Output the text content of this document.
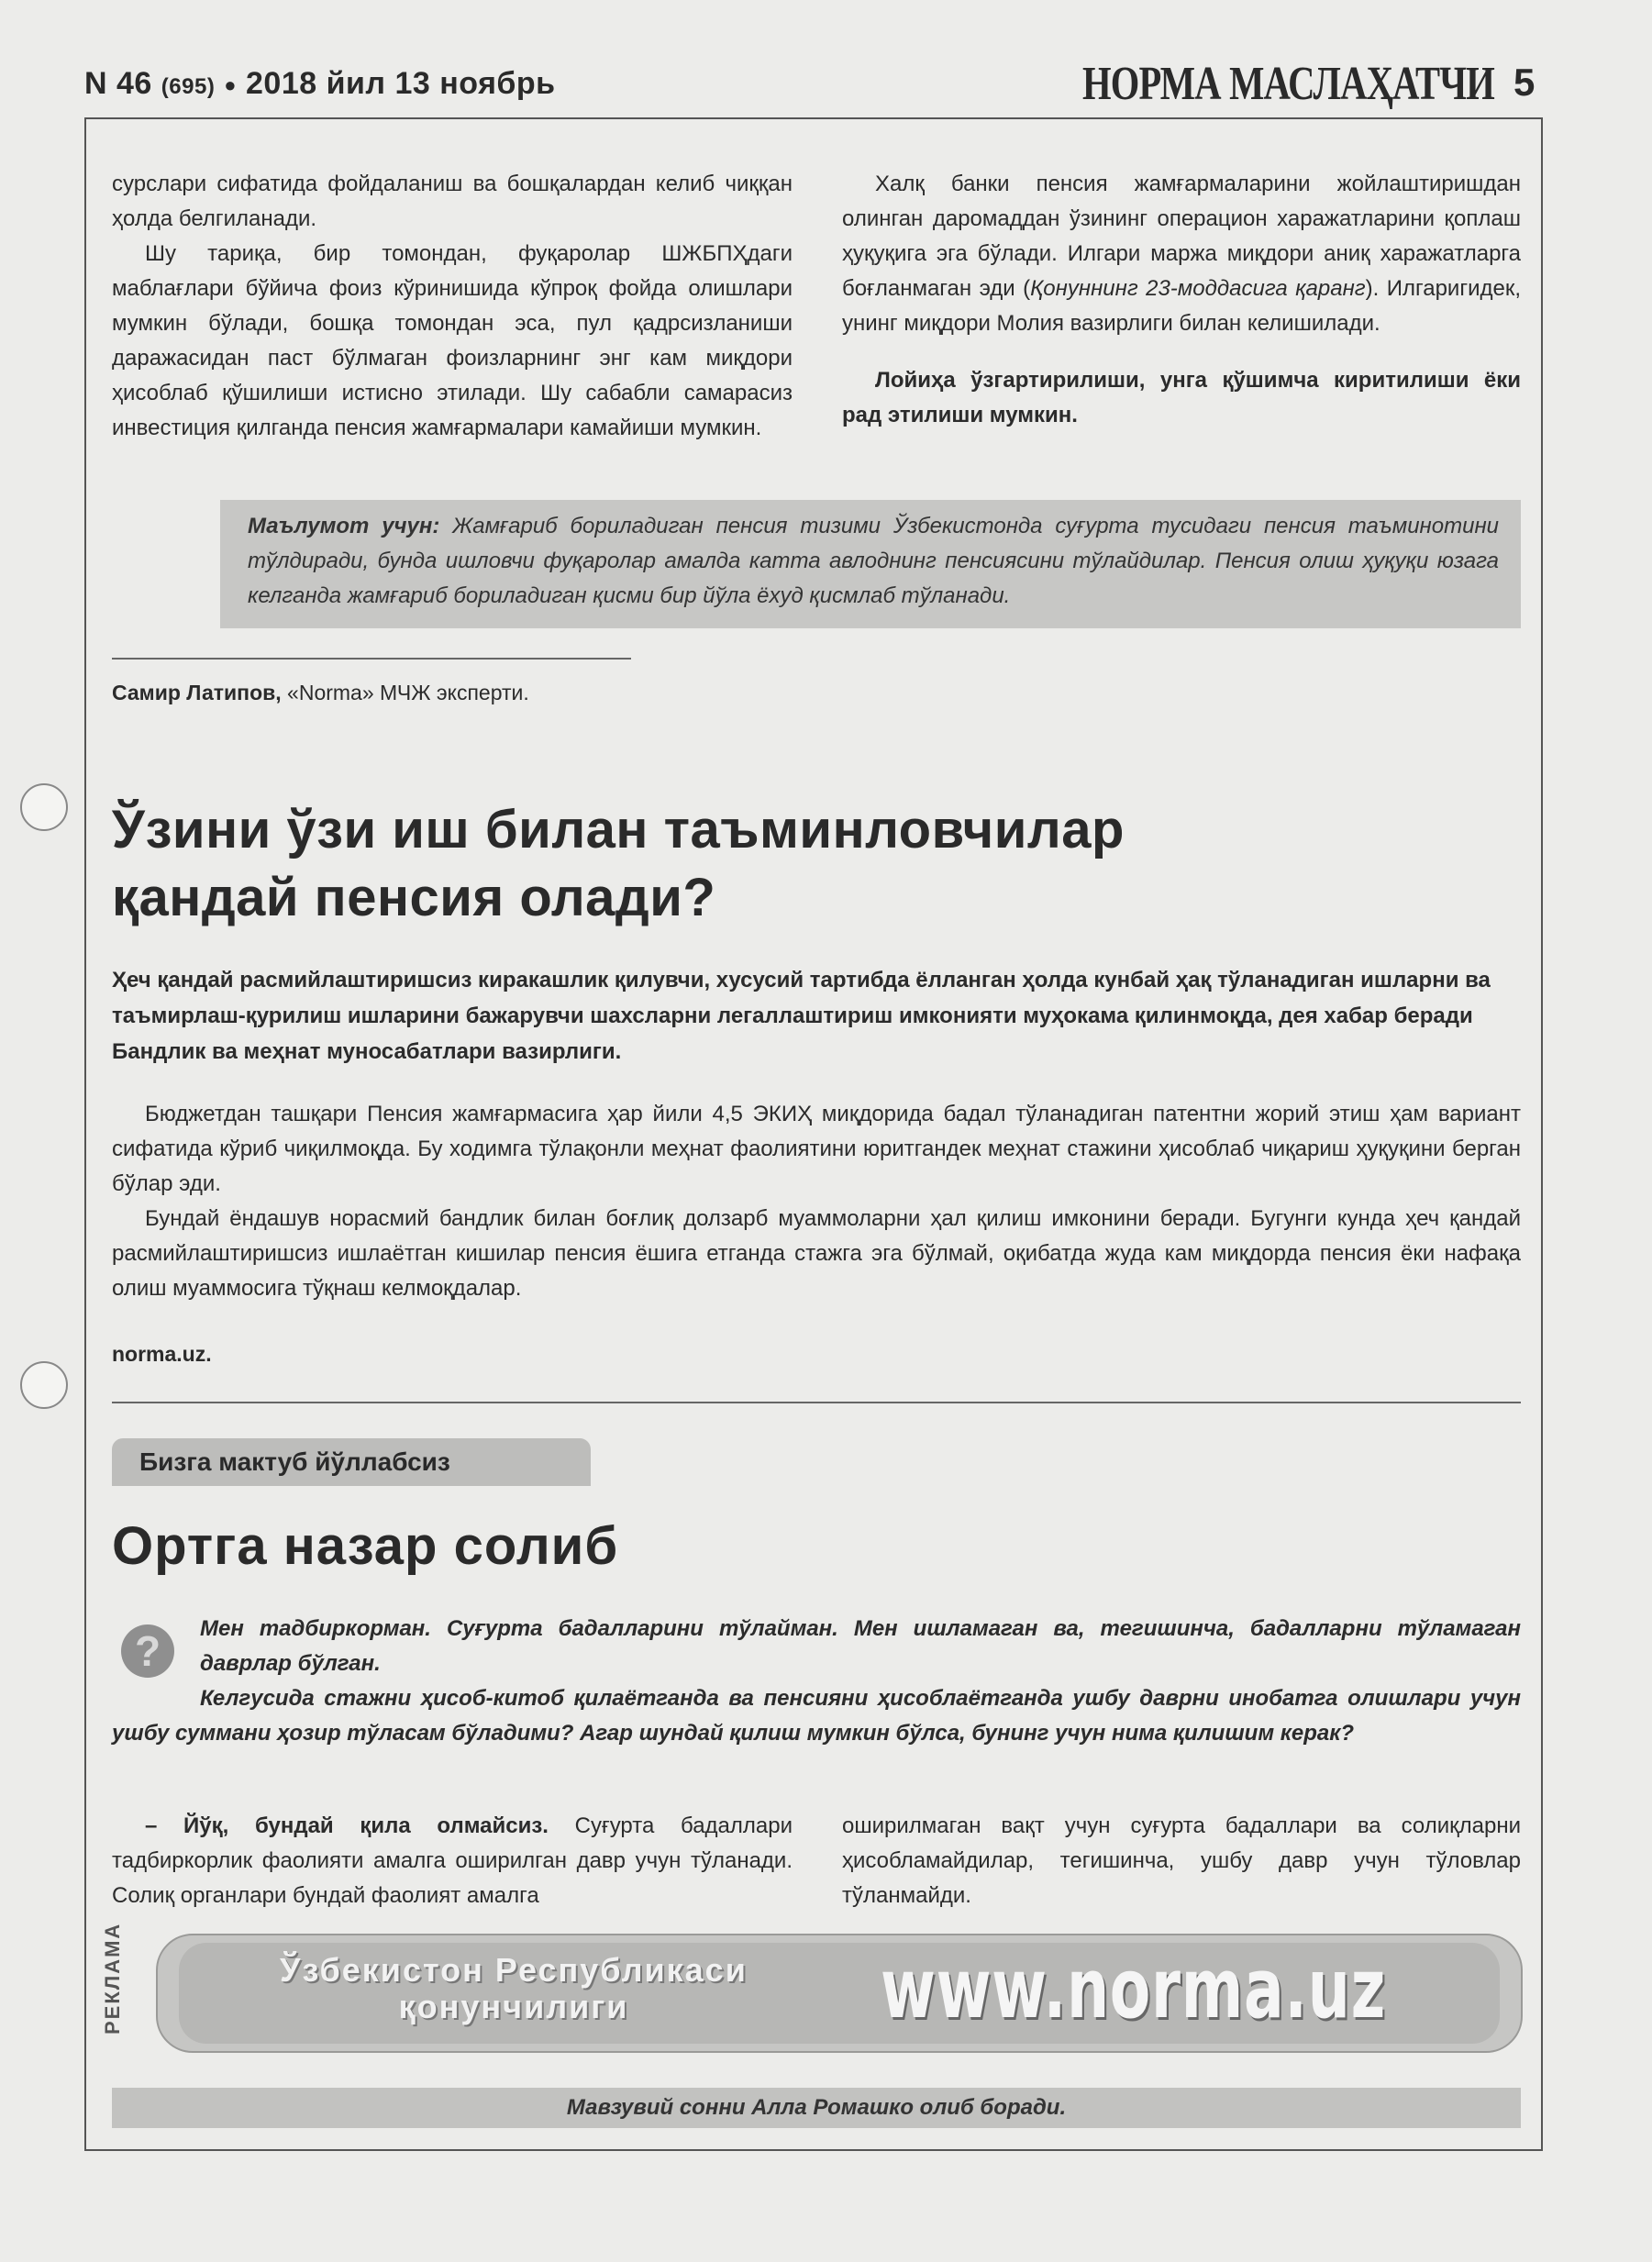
N 46 (695) ● 2018 йил 13 ноябрь	НОРМА МАСЛАҲАТЧИ 5

сурслари сифатида фойдаланиш ва бошқалардан келиб чиққан ҳолда белгиланади.

Шу тариқа, бир томондан, фуқаролар ШЖБПҲдаги маблағлари бўйича фоиз кўринишида кўпроқ фойда олишлари мумкин бўлади, бошқа томондан эса, пул қадрсизланиши даражасидан паст бўлмаган фоизларнинг энг кам миқдори ҳисоблаб қўшилиши истисно этилади. Шу сабабли самарасиз инвестиция қилганда пенсия жамғармалари камайиши мумкин.

Халқ банки пенсия жамғармаларини жойлаштиришдан олинган даромаддан ўзининг операцион харажатларини қоплаш ҳуқуқига эга бўлади. Илгари маржа миқдори аниқ харажатларга боғланмаган эди (Қонуннинг 23-моддасига қаранг). Илгаригидек, унинг миқдори Молия вазирлиги билан келишилади.

Лойиҳа ўзгартирилиши, унга қўшимча киритилиши ёки рад этилиши мумкин.

Маълумот учун: Жамғариб бориладиган пенсия тизими Ўзбекистонда суғурта тусидаги пенсия таъминотини тўлдиради, бунда ишловчи фуқаролар амалда катта авлоднинг пенсиясини тўлайдилар. Пенсия олиш ҳуқуқи юзага келганда жамғариб бориладиган қисми бир йўла ёхуд қисмлаб тўланади.
Самир Латипов, «Norma» МЧЖ эксперти.
Ўзини ўзи иш билан таъминловчилар
қандай пенсия олади?
Ҳеч қандай расмийлаштиришсиз киракашлик қилувчи, хусусий тартибда ёлланган ҳолда кунбай ҳақ тўланадиган ишларни ва таъмирлаш-қурилиш ишларини бажарувчи шахсларни легаллаштириш имконияти муҳокама қилинмоқда, дея хабар беради Бандлик ва меҳнат муносабатлари вазирлиги.

Бюджетдан ташқари Пенсия жамғармасига ҳар йили 4,5 ЭКИҲ миқдорида бадал тўланадиган патентни жорий этиш ҳам вариант сифатида кўриб чиқилмоқда. Бу ходимга тўлақонли меҳнат фаолиятини юритгандек меҳнат стажини ҳисоблаб чиқариш ҳуқуқини берган бўлар эди.

Бундай ёндашув норасмий бандлик билан боғлиқ долзарб муаммоларни ҳал қилиш имконини беради. Бугунги кунда ҳеч қандай расмийлаштиришсиз ишлаётган кишилар пенсия ёшига етганда стажга эга бўлмай, оқибатда жуда кам миқдорда пенсия ёки нафақа олиш муаммосига тўқнаш келмоқдалар.

norma.uz.
Бизга мактуб йўллабсиз
Ортга назар солиб

Мен тадбиркорман. Суғурта бадалларини тўлайман. Мен ишламаган ва, тегишинча, бадалларни тўламаган даврлар бўлган.

Келгусида стажни ҳисоб-китоб қилаётганда ва пенсияни ҳисоблаётганда ушбу даврни инобатга олишлари учун ушбу суммани ҳозир тўласам бўладими? Агар шундай қилиш мумкин бўлса, бунинг учун нима қилишим керак?

?

– Йўқ, бундай қила олмайсиз. Суғурта бадаллари тадбиркорлик фаолияти амалга оширилган давр учун тўланади. Солиқ органлари бундай фаолият амалга

оширилмаган вақт учун суғурта бадаллари ва солиқларни ҳисобламайдилар, тегишинча, ушбу давр учун тўловлар тўланмайди.

РЕКЛАМА	Ўзбекистон Республикаси
қонунчилиги	www.norma.uz
Мавзувий сонни Алла Ромашко олиб боради.
